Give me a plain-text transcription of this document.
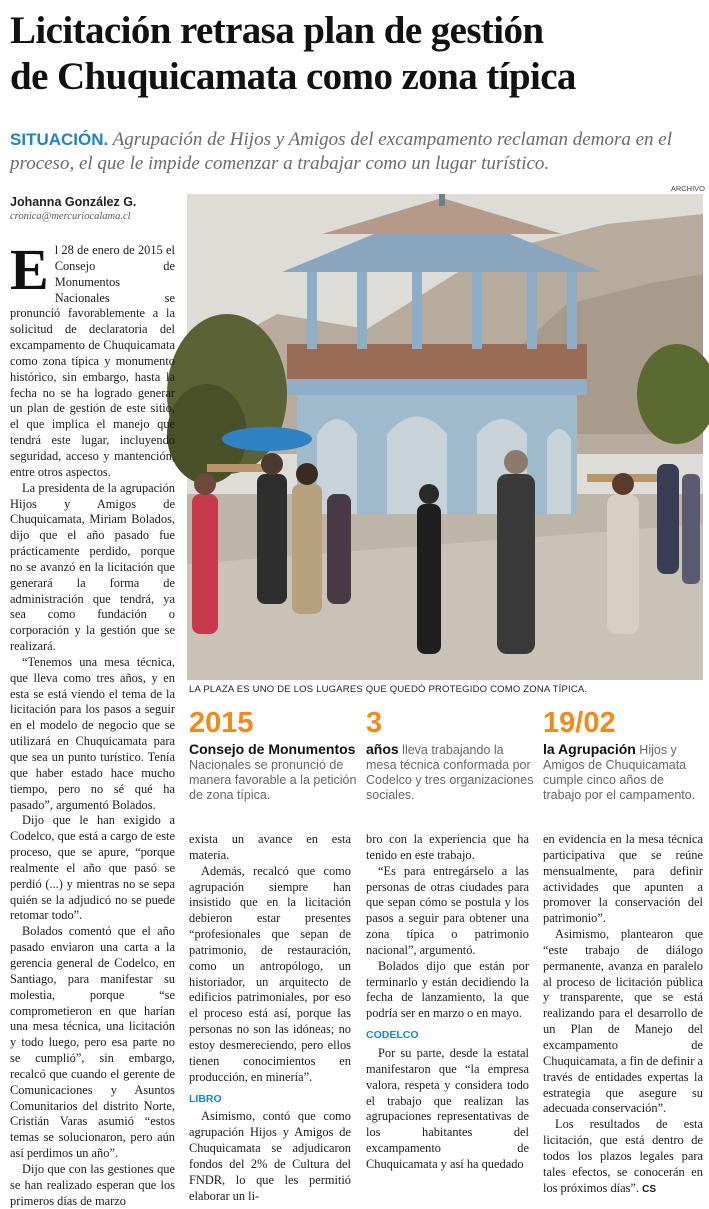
Licitación retrasa plan de gestión
de Chuquicamata como zona típica
SITUACIÓN. Agrupación de Hijos y Amigos del excampamento reclaman demora en el proceso, el que le impide comenzar a trabajar como un lugar turístico.
Johanna González G.
cronica@mercuriocalama.cl
ARCHIVO
LA PLAZA ES UNO DE LOS LUGARES QUE QUEDÓ PROTEGIDO COMO ZONA TÍPICA.
2015
Consejo de Monumentos Nacionales se pronunció de manera favorable a la petición de zona típica.
3
años lleva trabajando la mesa técnica conformada por Codelco y tres organizaciones sociales.
19/02
la Agrupación Hijos y Amigos de Chuquicamata cumple cinco años de trabajo por el campamento.

El 28 de enero de 2015 el Consejo de Monumentos Nacionales se pronunció favorablemente a la solicitud de declaratoria del excampamento de Chuquicamata como zona típica y monumento histórico, sin embargo, hasta la fecha no se ha logrado generar un plan de gestión de este sitio, el que implica el manejo que tendrá este lugar, incluyendo seguridad, acceso y mantención, entre otros aspectos.

La presidenta de la agrupación Hijos y Amigos de Chuquicamata, Miriam Bolados, dijo que el año pasado fue prácticamente perdido, porque no se avanzó en la licitación que generará la forma de administración que tendrá, ya sea como fundación o corporación y la gestión que se realizará.

“Tenemos una mesa técnica, que lleva como tres años, y en esta se está viendo el tema de la licitación para los pasos a seguir en el modelo de negocio que se utilizará en Chuquicamata para que sea un punto turístico. Tenía que haber estado hace mucho tiempo, pero no sé qué ha pasado”, argumentó Bolados.

Dijo que le han exigido a Codelco, que está a cargo de este proceso, que se apure, “porque realmente el año que pasó se perdió (...) y mientras no se sepa quién se la adjudicó no se puede retomar todo”.

Bolados comentó que el año pasado enviaron una carta a la gerencia general de Codelco, en Santiago, para manifestar su molestia, porque “se comprometieron en que harían una mesa técnica, una licitación y todo luego, pero esa parte no se cumplió”, sin embargo, recalcó que cuando el gerente de Comunicaciones y Asuntos Comunitarios del distrito Norte, Cristián Varas asumió “estos temas se solucionaron, pero aún así perdimos un año”.

Dijo que con las gestiones que se han realizado esperan que los primeros días de marzo

exista un avance en esta materia.

Además, recalcó que como agrupación siempre han insistido que en la licitación debieron estar presentes “profesionales que sepan de patrimonio, de restauración, como un antropólogo, un historiador, un arquitecto de edificios patrimoniales, por eso el proceso está así, porque las personas no son las idóneas; no estoy desmereciendo, pero ellos tienen conocimientos en producción, en minería”.

LIBRO

Asimismo, contó que como agrupación Hijos y Amigos de Chuquicamata se adjudicaron fondos del 2% de Cultura del FNDR, lo que les permitió elaborar un li-

bro con la experiencia que ha tenido en este trabajo.

“Es para entregárselo a las personas de otras ciudades para que sepan cómo se postula y los pasos a seguir para obtener una zona típica o patrimonio nacional”, argumentó.

Bolados dijo que están por terminarlo y están decidiendo la fecha de lanzamiento, la que podría ser en marzo o en mayo.

CODELCO

Por su parte, desde la estatal manifestaron que “la empresa valora, respeta y considera todo el trabajo que realizan las agrupaciones representativas de los habitantes del excampamento de Chuquicamata y así ha quedado

en evidencia en la mesa técnica participativa que se reúne mensualmente, para definir actividades que apunten a promover la conservación del patrimonio”.

Asimismo, plantearon que “este trabajo de diálogo permanente, avanza en paralelo al proceso de licitación pública y transparente, que se está realizando para el desarrollo de un Plan de Manejo del excampamento de Chuquicamata, a fin de definir a través de entidades expertas la estrategia que asegure su adecuada conservación”.

Los resultados de esta licitación, que está dentro de todos los plazos legales para tales efectos, se conocerán en los próximos días”. CS
